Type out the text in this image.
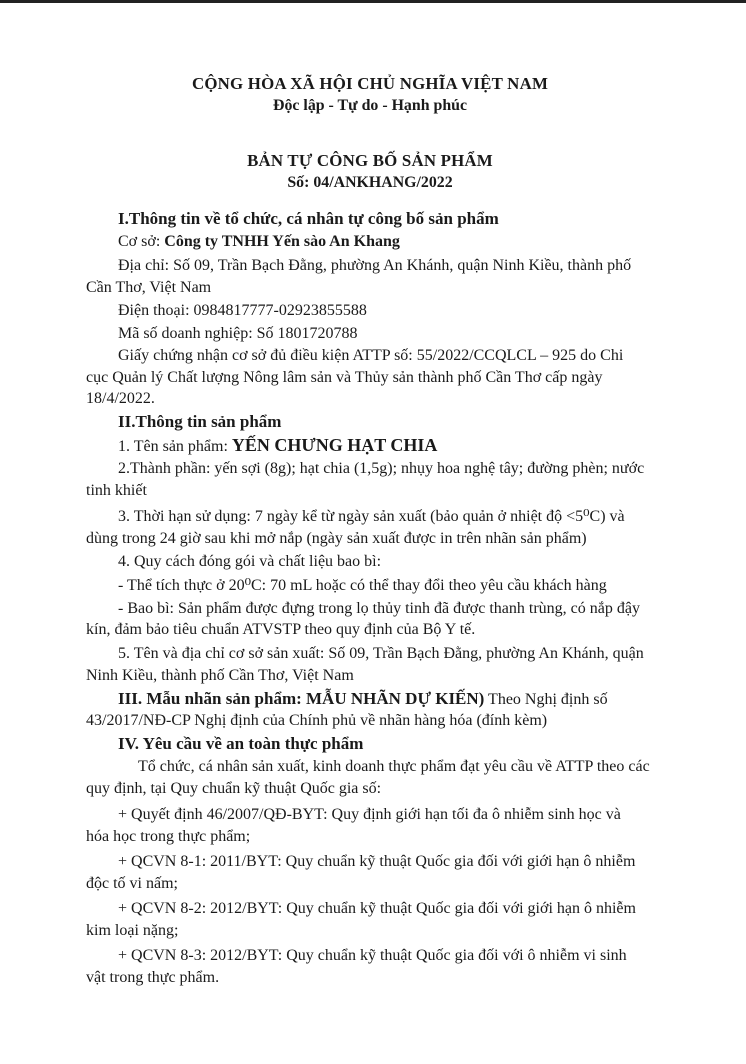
CỘNG HÒA XÃ HỘI CHỦ NGHĨA VIỆT NAM
Độc lập - Tự do - Hạnh phúc
BẢN TỰ CÔNG BỐ SẢN PHẨM
Số: 04/ANKHANG/2022
I.Thông tin về tổ chức, cá nhân tự công bố sản phẩm
Cơ sở: Công ty TNHH Yến sào An Khang
Địa chỉ: Số 09, Trần Bạch Đằng, phường An Khánh, quận Ninh Kiều, thành phố
Cần Thơ, Việt Nam
Điện thoại: 0984817777-02923855588
Mã số doanh nghiệp: Số 1801720788
Giấy chứng nhận cơ sở đủ điều kiện ATTP số: 55/2022/CCQLCL – 925 do Chi
cục Quản lý Chất lượng Nông lâm sản và Thủy sản thành phố Cần Thơ cấp ngày
18/4/2022.
II.Thông tin sản phẩm
1. Tên sản phẩm: YẾN CHƯNG HẠT CHIA
2.Thành phần: yến sợi (8g); hạt chia (1,5g); nhụy hoa nghệ tây; đường phèn; nước
tinh khiết
3. Thời hạn sử dụng: 7 ngày kể từ ngày sản xuất (bảo quản ở nhiệt độ <5⁰C) và
dùng trong 24 giờ sau khi mở nắp (ngày sản xuất được in trên nhãn sản phẩm)
4. Quy cách đóng gói và chất liệu bao bì:
- Thể tích thực ở 20⁰C: 70 mL hoặc có thể thay đổi theo yêu cầu khách hàng
- Bao bì: Sản phẩm được đựng trong lọ thủy tinh đã được thanh trùng, có nắp đậy
kín, đảm bảo tiêu chuẩn ATVSTP theo quy định của Bộ Y tế.
5. Tên và địa chỉ cơ sở sản xuất: Số 09, Trần Bạch Đằng, phường An Khánh, quận
Ninh Kiều, thành phố Cần Thơ, Việt Nam
III. Mẫu nhãn sản phẩm: MẪU NHÃN DỰ KIẾN) Theo Nghị định số
43/2017/NĐ-CP Nghị định của Chính phủ về nhãn hàng hóa (đính kèm)
IV. Yêu cầu về an toàn thực phẩm
Tổ chức, cá nhân sản xuất, kinh doanh thực phẩm đạt yêu cầu về ATTP theo các
quy định, tại Quy chuẩn kỹ thuật Quốc gia số:
+ Quyết định 46/2007/QĐ-BYT: Quy định giới hạn tối đa ô nhiễm sinh học và
hóa học trong thực phẩm;
+ QCVN 8-1: 2011/BYT: Quy chuẩn kỹ thuật Quốc gia đối với giới hạn ô nhiễm
độc tố vi nấm;
+ QCVN 8-2: 2012/BYT: Quy chuẩn kỹ thuật Quốc gia đối với giới hạn ô nhiễm
kim loại nặng;
+ QCVN 8-3: 2012/BYT: Quy chuẩn kỹ thuật Quốc gia đối với ô nhiễm vi sinh
vật trong thực phẩm.
